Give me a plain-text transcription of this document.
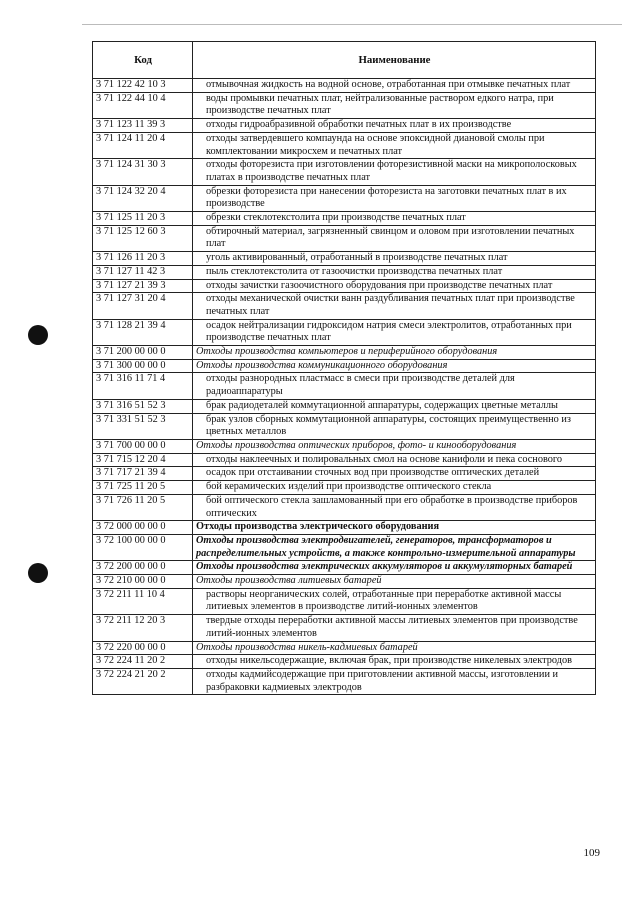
Код	Наименование
3 71 122 42 10 3	отмывочная жидкость на водной основе, отработанная при отмывке печатных плат
3 71 122 44 10 4	воды промывки печатных плат, нейтрализованные раствором едкого натра, при производстве печатных плат
3 71 123 11 39 3	отходы гидроабразивной обработки печатных плат в их производстве
3 71 124 11 20 4	отходы затвердевшего компаунда на основе эпоксидной диановой смолы при комплектовании микросхем и печатных плат
3 71 124 31 30 3	отходы фоторезиста при изготовлении фоторезистивной маски на микрополосковых платах в производстве печатных плат
3 71 124 32 20 4	обрезки фоторезиста при нанесении фоторезиста на заготовки печатных плат в их производстве
3 71 125 11 20 3	обрезки стеклотекстолита при производстве печатных плат
3 71 125 12 60 3	обтирочный материал, загрязненный свинцом и оловом при изготовлении печатных плат
3 71 126 11 20 3	уголь активированный, отработанный в производстве печатных плат
3 71 127 11 42 3	пыль стеклотекстолита от газоочистки производства печатных плат
3 71 127 21 39 3	отходы зачистки газоочистного оборудования при производстве печатных плат
3 71 127 31 20 4	отходы механической очистки ванн раздубливания печатных плат при производстве печатных плат
3 71 128 21 39 4	осадок нейтрализации гидроксидом натрия смеси электролитов, отработанных при производстве печатных плат
3 71 200 00 00 0	Отходы производства компьютеров и периферийного оборудования
3 71 300 00 00 0	Отходы производства коммуникационного оборудования
3 71 316 11 71 4	отходы разнородных пластмасс в смеси при производстве деталей для радиоаппаратуры
3 71 316 51 52 3	брак радиодеталей коммутационной аппаратуры, содержащих цветные металлы
3 71 331 51 52 3	брак узлов сборных коммутационной аппаратуры, состоящих преимущественно из цветных металлов
3 71 700 00 00 0	Отходы производства оптических приборов, фото- и кинооборудования
3 71 715 12 20 4	отходы наклеечных и полировальных смол на основе канифоли и пека соснового
3 71 717 21 39 4	осадок при отстаивании сточных вод при производстве оптических деталей
3 71 725 11 20 5	бой керамических изделий при производстве оптического стекла
3 71 726 11 20 5	бой оптического стекла зашламованный при его обработке в производстве приборов оптических
3 72 000 00 00 0	Отходы производства электрического оборудования
3 72 100 00 00 0	Отходы производства электродвигателей, генераторов, трансформаторов и распределительных устройств, а также контрольно-измерительной аппаратуры
3 72 200 00 00 0	Отходы производства электрических аккумуляторов и аккумуляторных батарей
3 72 210 00 00 0	Отходы производства литиевых батарей
3 72 211 11 10 4	растворы неорганических солей, отработанные при переработке активной массы литиевых элементов в производстве литий-ионных элементов
3 72 211 12 20 3	твердые отходы переработки активной массы литиевых элементов при производстве литий-ионных элементов
3 72 220 00 00 0	Отходы производства никель-кадмиевых батарей
3 72 224 11 20 2	отходы никельсодержащие, включая брак, при производстве никелевых электродов
3 72 224 21 20 2	отходы кадмийсодержащие при приготовлении активной массы, изготовлении и разбраковки кадмиевых электродов
109
